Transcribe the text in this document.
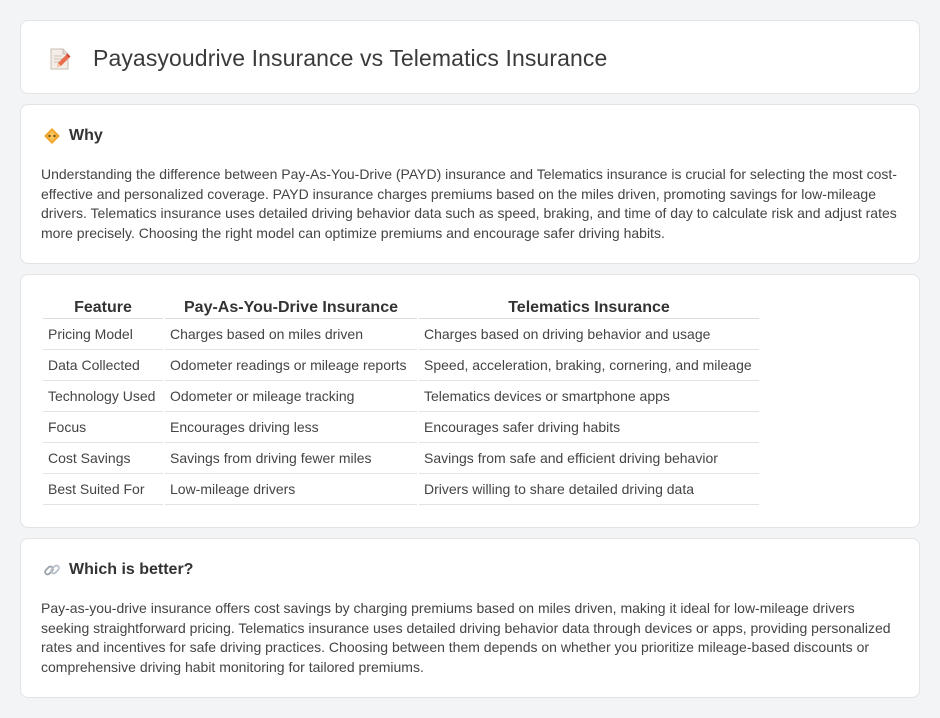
Payasyoudrive Insurance vs Telematics Insurance
Why

Understanding the difference between Pay-As-You-Drive (PAYD) insurance and Telematics insurance is crucial for selecting the most cost-effective and personalized coverage. PAYD insurance charges premiums based on the miles driven, promoting savings for low-mileage drivers. Telematics insurance uses detailed driving behavior data such as speed, braking, and time of day to calculate risk and adjust rates more precisely. Choosing the right model can optimize premiums and encourage safer driving habits.

Feature	Pay-As-You-Drive Insurance	Telematics Insurance
Pricing Model	Charges based on miles driven	Charges based on driving behavior and usage
Data Collected	Odometer readings or mileage reports	Speed, acceleration, braking, cornering, and mileage
Technology Used	Odometer or mileage tracking	Telematics devices or smartphone apps
Focus	Encourages driving less	Encourages safer driving habits
Cost Savings	Savings from driving fewer miles	Savings from safe and efficient driving behavior
Best Suited For	Low-mileage drivers	Drivers willing to share detailed driving data
Which is better?

Pay-as-you-drive insurance offers cost savings by charging premiums based on miles driven, making it ideal for low-mileage drivers seeking straightforward pricing. Telematics insurance uses detailed driving behavior data through devices or apps, providing personalized rates and incentives for safe driving practices. Choosing between them depends on whether you prioritize mileage-based discounts or comprehensive driving habit monitoring for tailored premiums.
